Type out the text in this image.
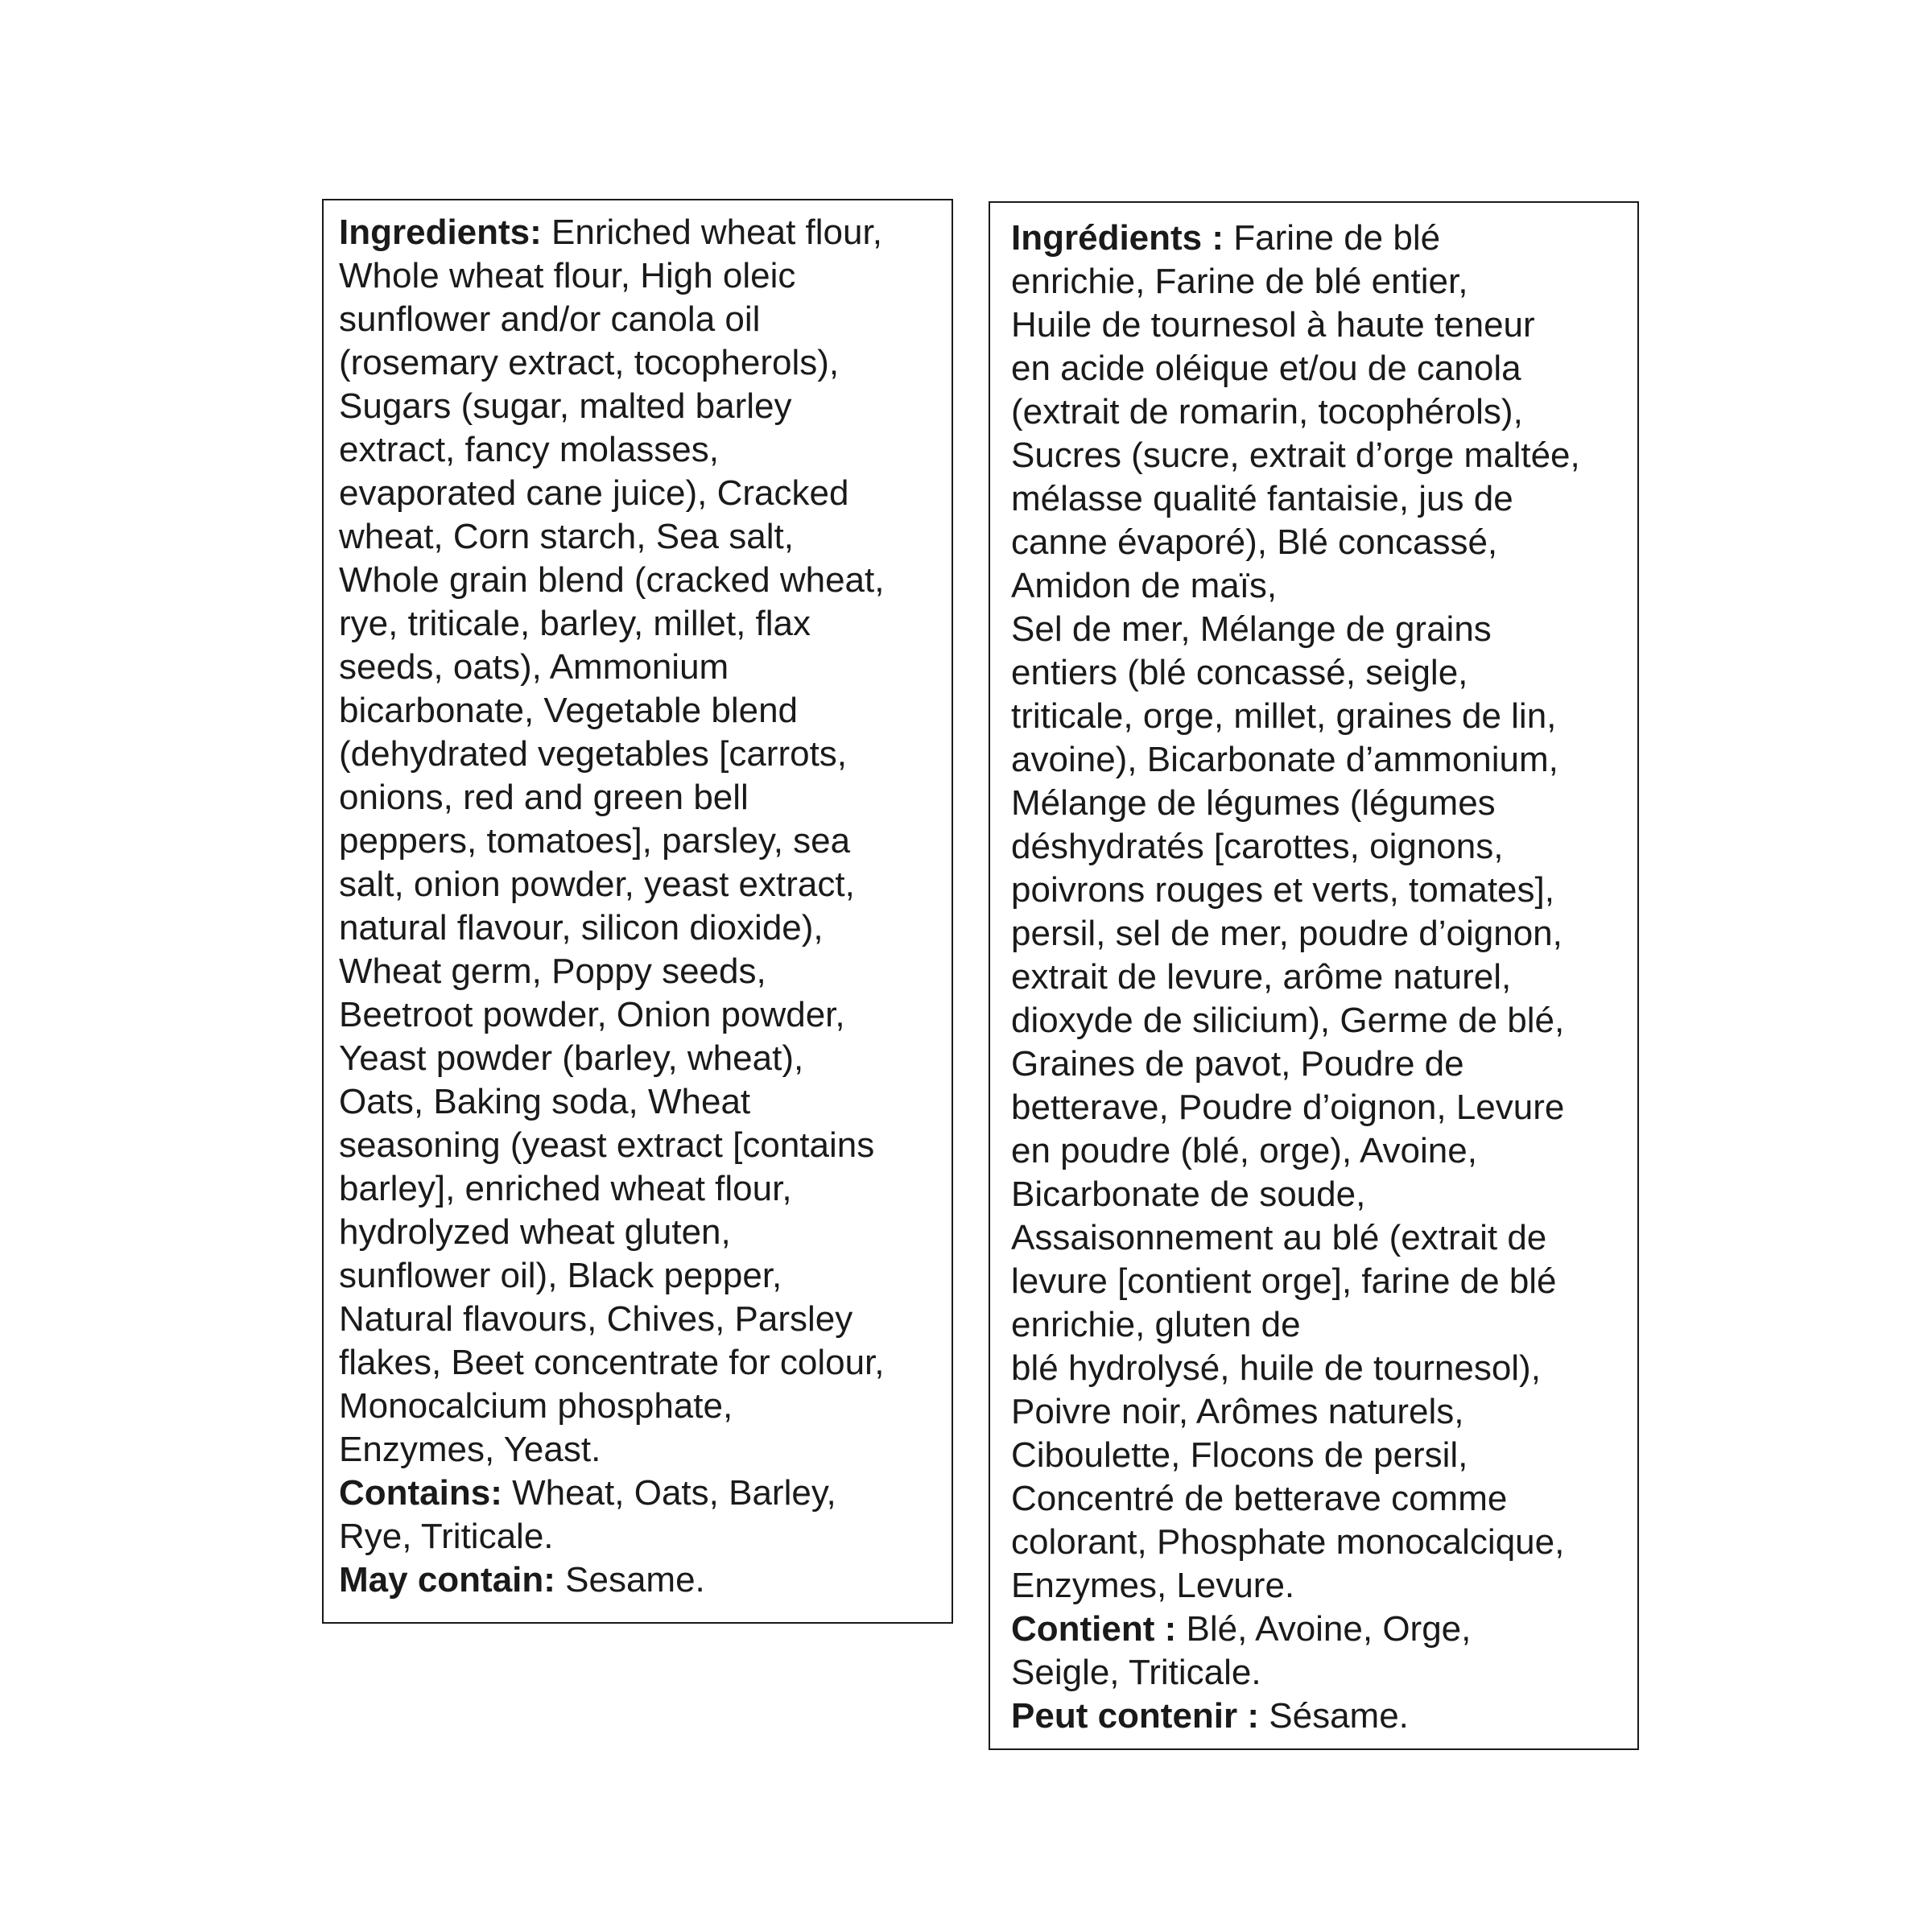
Ingredients: Enriched wheat flour,
Whole wheat flour, High oleic
sunflower and/or canola oil
(rosemary extract, tocopherols),
Sugars (sugar, malted barley
extract, fancy molasses,
evaporated cane juice), Cracked
wheat, Corn starch, Sea salt,
Whole grain blend (cracked wheat,
rye, triticale, barley, millet, flax
seeds, oats), Ammonium
bicarbonate, Vegetable blend
(dehydrated vegetables [carrots,
onions, red and green bell
peppers, tomatoes], parsley, sea
salt, onion powder, yeast extract,
natural flavour, silicon dioxide),
Wheat germ, Poppy seeds,
Beetroot powder, Onion powder,
Yeast powder (barley, wheat),
Oats, Baking soda, Wheat
seasoning (yeast extract [contains
barley], enriched wheat flour,
hydrolyzed wheat gluten,
sunflower oil), Black pepper,
Natural flavours, Chives, Parsley
flakes, Beet concentrate for colour,
Monocalcium phosphate,
Enzymes, Yeast.
Contains: Wheat, Oats, Barley,
Rye, Triticale.
May contain: Sesame.
Ingrédients : Farine de blé
enrichie, Farine de blé entier,
Huile de tournesol à haute teneur
en acide oléique et/ou de canola
(extrait de romarin, tocophérols),
Sucres (sucre, extrait d’orge maltée,
mélasse qualité fantaisie, jus de
canne évaporé), Blé concassé,
Amidon de maïs,
Sel de mer, Mélange de grains
entiers (blé concassé, seigle,
triticale, orge, millet, graines de lin,
avoine), Bicarbonate d’ammonium,
Mélange de légumes (légumes
déshydratés [carottes, oignons,
poivrons rouges et verts, tomates],
persil, sel de mer, poudre d’oignon,
extrait de levure, arôme naturel,
dioxyde de silicium), Germe de blé,
Graines de pavot, Poudre de
betterave, Poudre d’oignon, Levure
en poudre (blé, orge), Avoine,
Bicarbonate de soude,
Assaisonnement au blé (extrait de
levure [contient orge], farine de blé
enrichie, gluten de
blé hydrolysé, huile de tournesol),
Poivre noir, Arômes naturels,
Ciboulette, Flocons de persil,
Concentré de betterave comme
colorant, Phosphate monocalcique,
Enzymes, Levure.
Contient : Blé, Avoine, Orge,
Seigle, Triticale.
Peut contenir : Sésame.
